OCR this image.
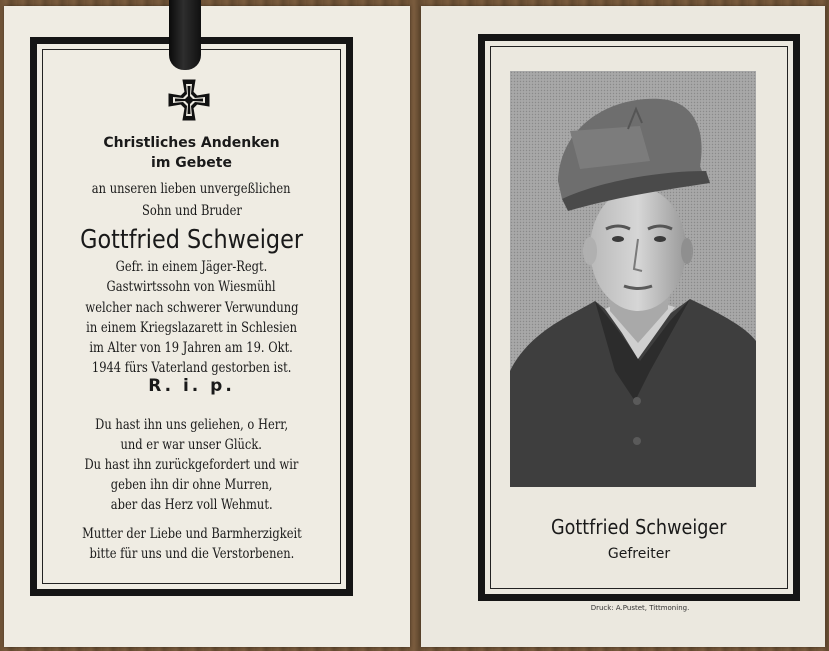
Christliches Andenken
im Gebete
an unseren lieben unvergeßlichen
Sohn und Bruder
Gottfried Schweiger
Gefr. in einem Jäger-Regt.
Gastwirtssohn von Wiesmühl
welcher nach schwerer Verwundung
in einem Kriegslazarett in Schlesien
im Alter von 19 Jahren am 19. Okt.
1944 fürs Vaterland gestorben ist.
R. i. p.
Du hast ihn uns geliehen, o Herr,
und er war unser Glück.
Du hast ihn zurückgefordert und wir
geben ihn dir ohne Murren,
aber das Herz voll Wehmut.
Mutter der Liebe und Barmherzigkeit
bitte für uns und die Verstorbenen.
Gottfried Schweiger
Gefreiter
Druck: A.Pustet, Tittmoning.
